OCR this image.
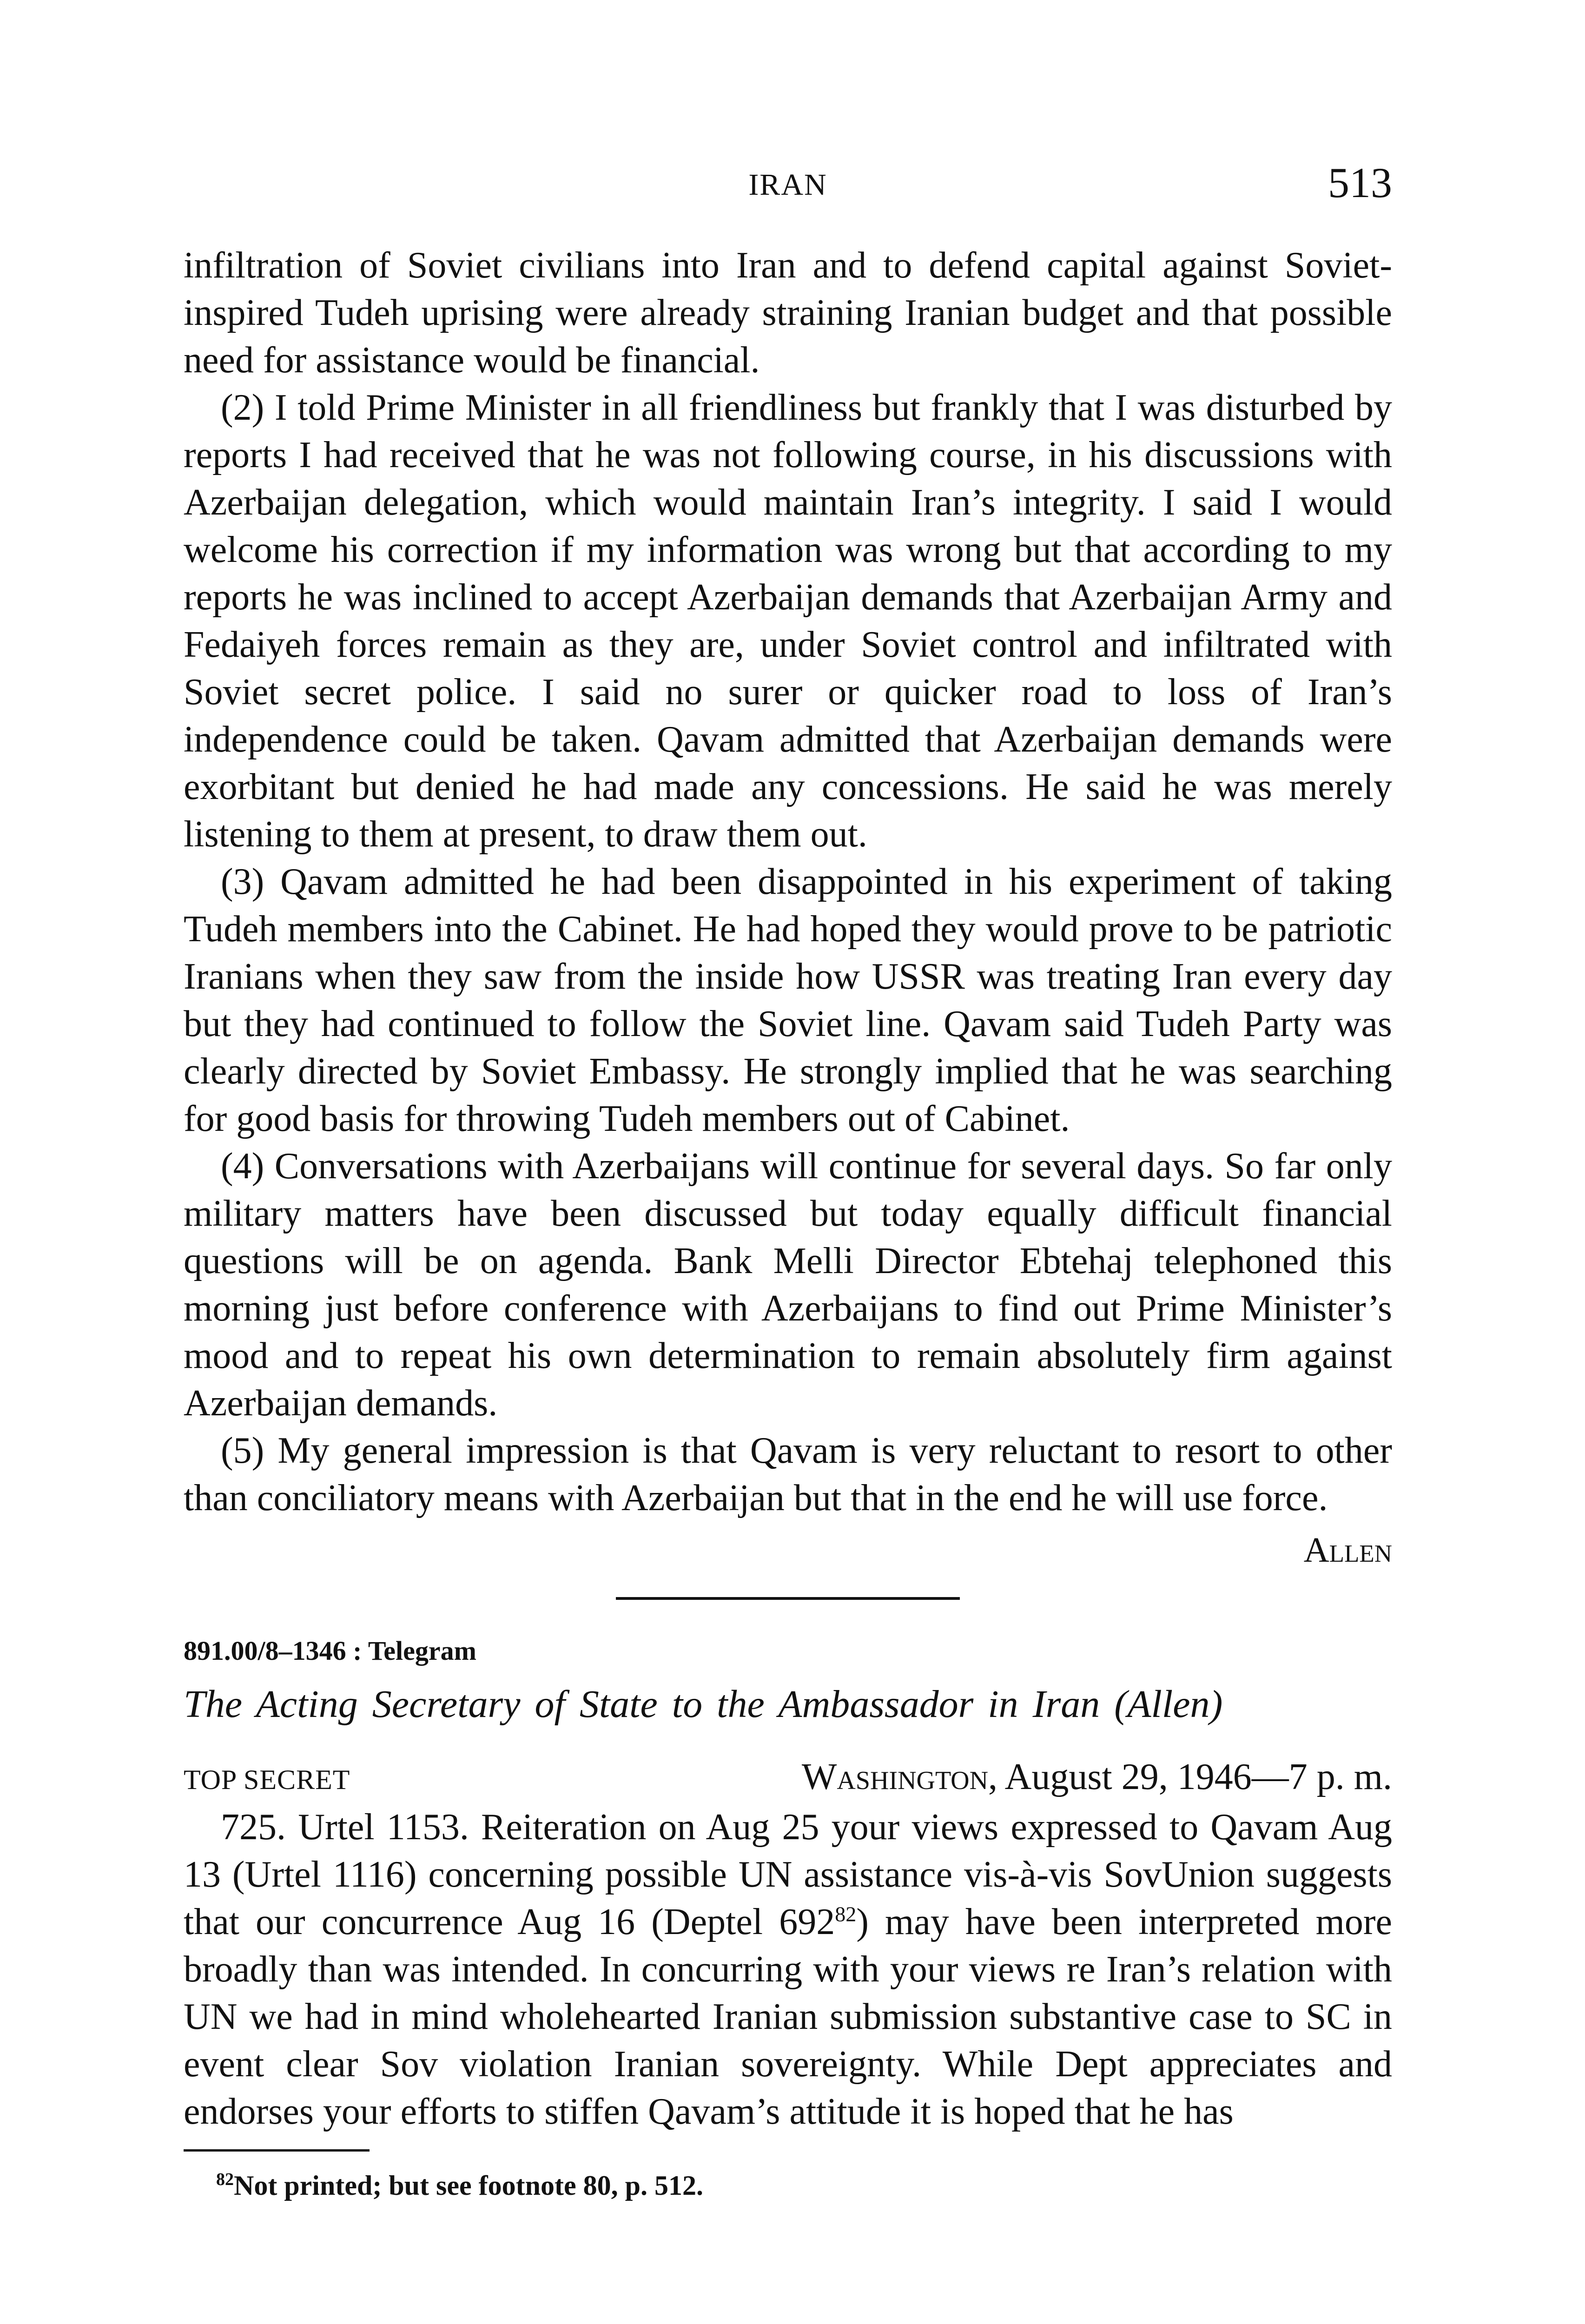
IRAN	513

infiltration of Soviet civilians into Iran and to defend capital against Soviet-inspired Tudeh uprising were already straining Iranian budget and that possible need for assistance would be financial.

(2) I told Prime Minister in all friendliness but frankly that I was disturbed by reports I had received that he was not following course, in his discussions with Azerbaijan delegation, which would maintain Iran’s integrity. I said I would welcome his correction if my information was wrong but that according to my reports he was inclined to accept Azerbaijan demands that Azerbaijan Army and Fedaiyeh forces remain as they are, under Soviet control and infiltrated with Soviet secret police. I said no surer or quicker road to loss of Iran’s independence could be taken. Qavam admitted that Azerbaijan demands were exorbitant but denied he had made any concessions. He said he was merely listening to them at present, to draw them out.

(3) Qavam admitted he had been disappointed in his experiment of taking Tudeh members into the Cabinet. He had hoped they would prove to be patriotic Iranians when they saw from the inside how USSR was treating Iran every day but they had continued to follow the Soviet line. Qavam said Tudeh Party was clearly directed by Soviet Embassy. He strongly implied that he was searching for good basis for throwing Tudeh members out of Cabinet.

(4) Conversations with Azerbaijans will continue for several days. So far only military matters have been discussed but today equally difficult financial questions will be on agenda. Bank Melli Director Ebtehaj telephoned this morning just before conference with Azerbaijans to find out Prime Minister’s mood and to repeat his own determination to remain absolutely firm against Azerbaijan demands.

(5) My general impression is that Qavam is very reluctant to resort to other than conciliatory means with Azerbaijan but that in the end he will use force.

Allen
891.00/8–1346 : Telegram
The Acting Secretary of State to the Ambassador in Iran (Allen)
TOP SECRET	Washington, August 29, 1946—7 p. m.

725. Urtel 1153. Reiteration on Aug 25 your views expressed to Qavam Aug 13 (Urtel 1116) concerning possible UN assistance vis-à-vis SovUnion suggests that our concurrence Aug 16 (Deptel 692$^{82}$) may have been interpreted more broadly than was intended. In concurring with your views re Iran’s relation with UN we had in mind wholehearted Iranian submission substantive case to SC in event clear Sov violation Iranian sovereignty. While Dept appreciates and endorses your efforts to stiffen Qavam’s attitude it is hoped that he has

$^{82}$Not printed; but see footnote 80, p. 512.
